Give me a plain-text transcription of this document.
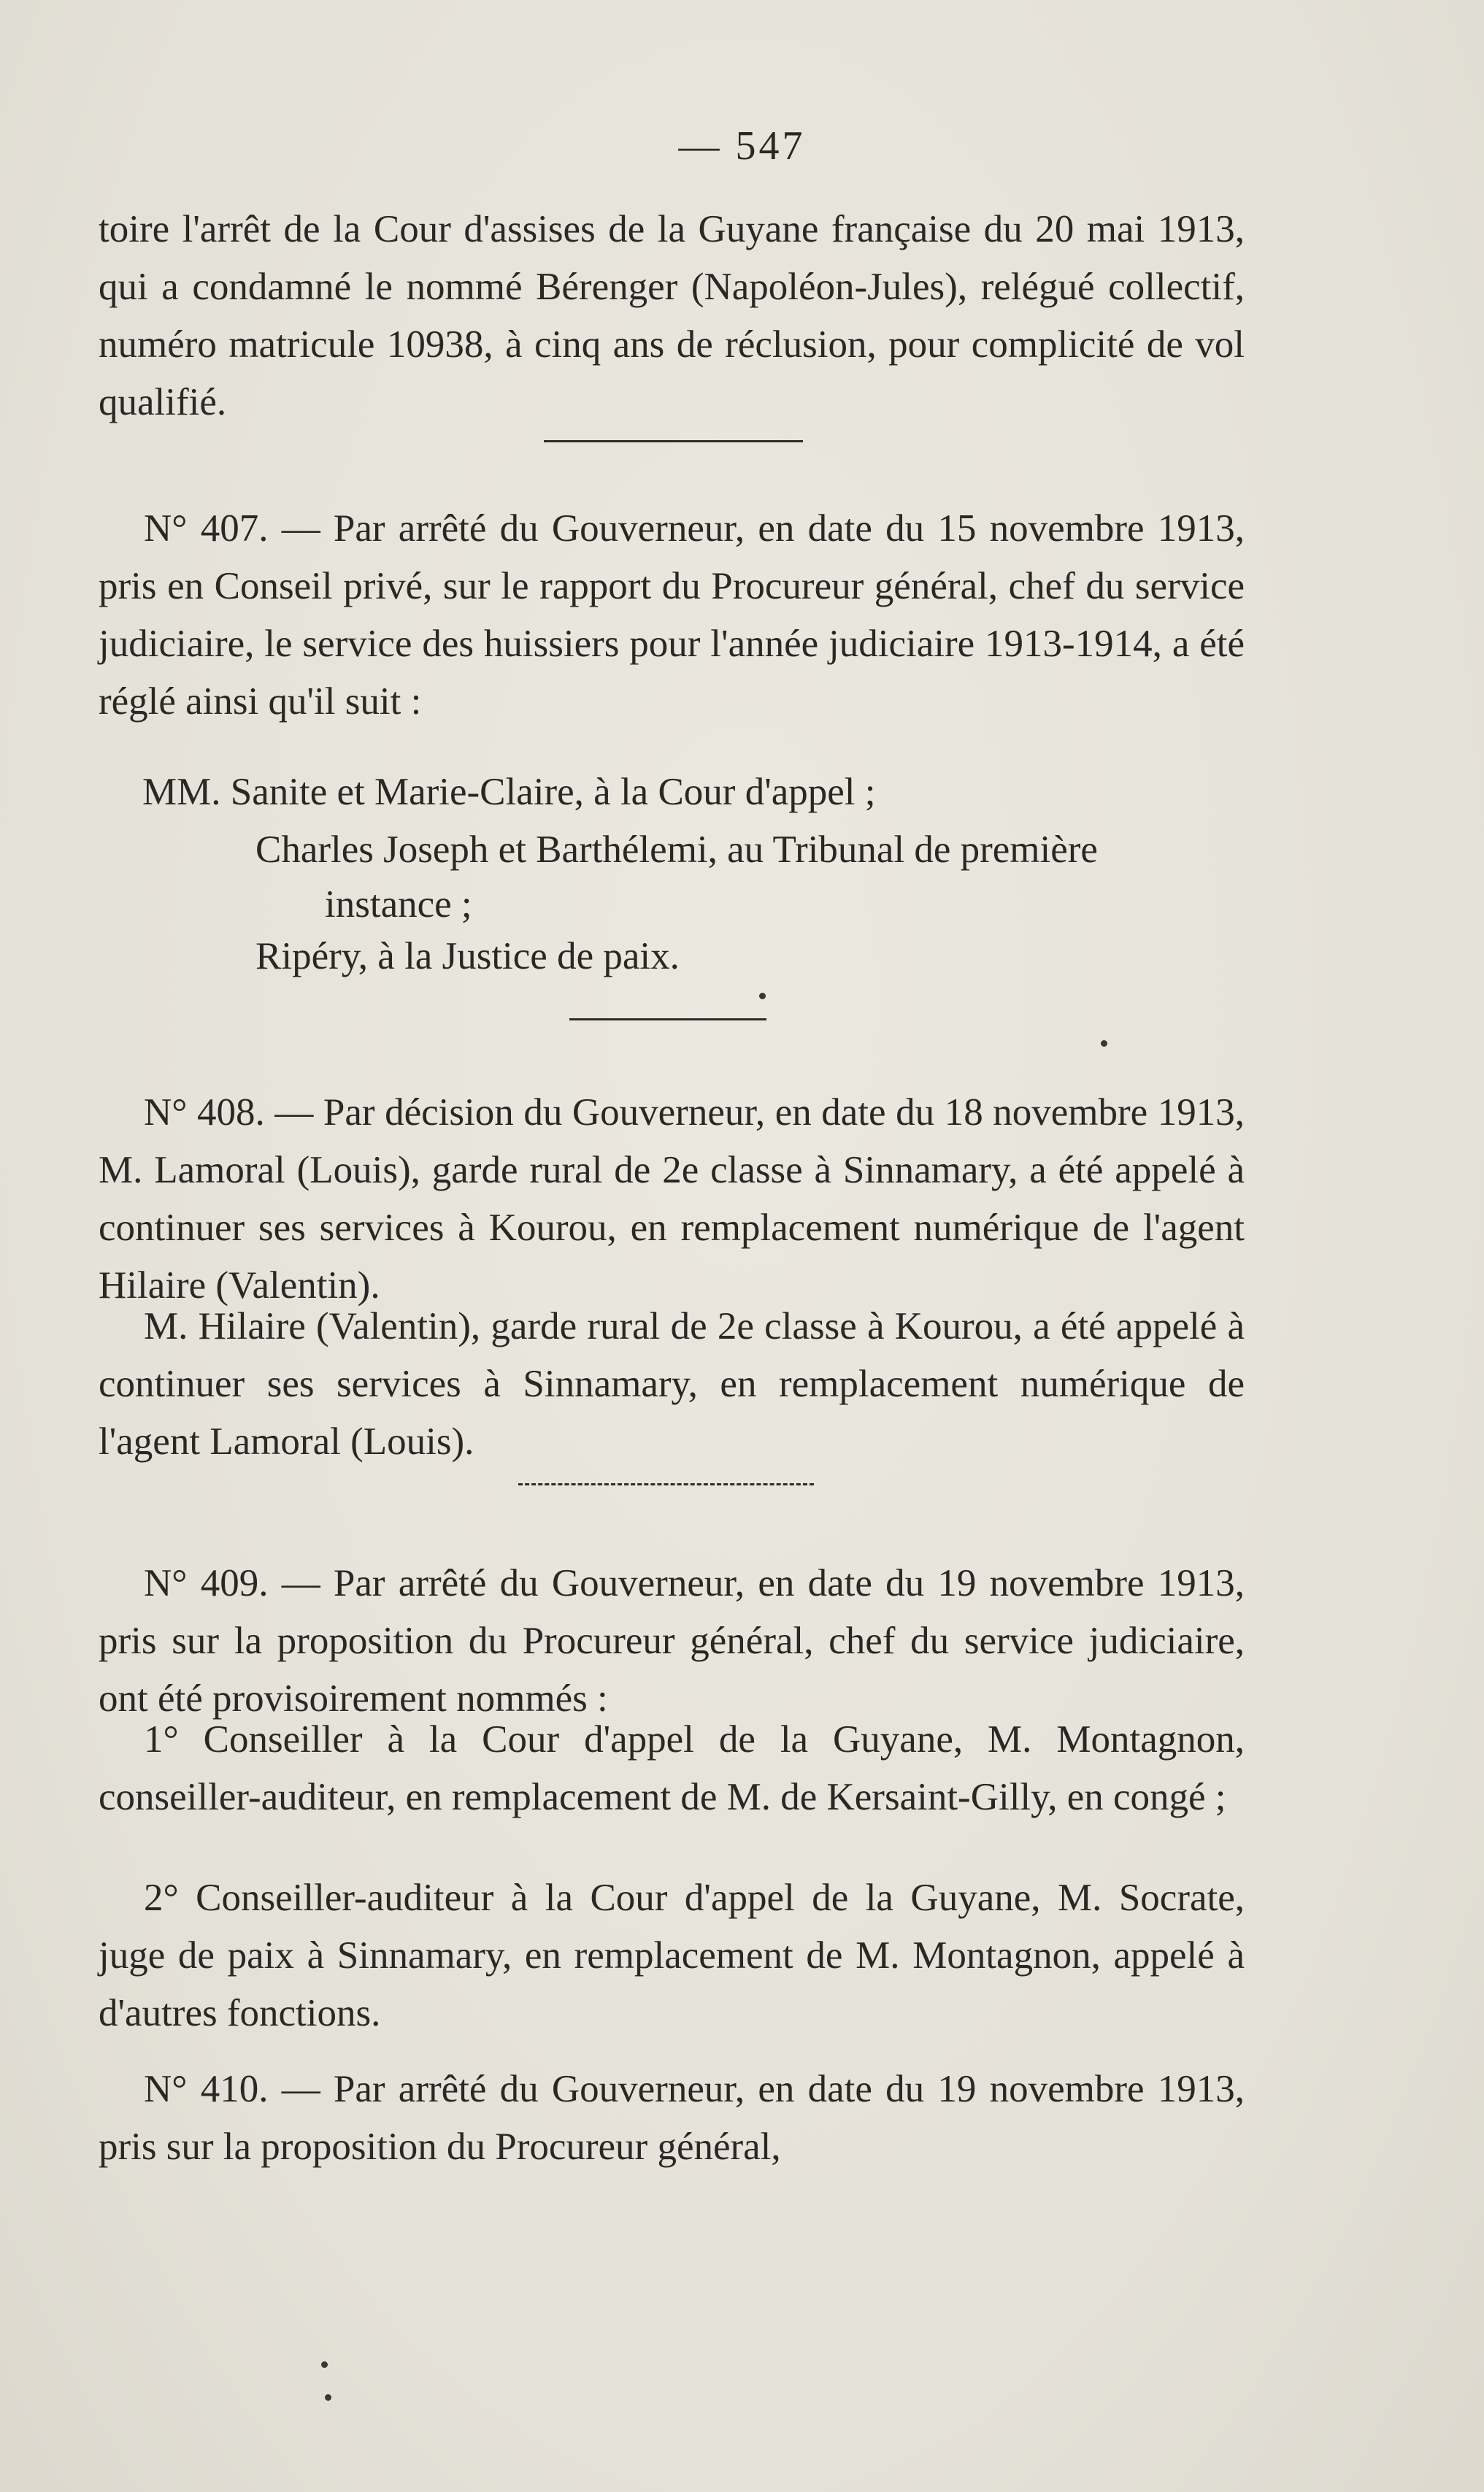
— 547

toire l'arrêt de la Cour d'assises de la Guyane française du 20 mai 1913, qui a condamné le nommé Bérenger (Napoléon-Jules), relégué collectif, numéro matricule 10938, à cinq ans de réclusion, pour complicité de vol qualifié.

N° 407. — Par arrêté du Gouverneur, en date du 15 novembre 1913, pris en Conseil privé, sur le rapport du Procureur général, chef du service judiciaire, le service des huissiers pour l'année judiciaire 1913-1914, a été réglé ainsi qu'il suit :

MM. Sanite et Marie-Claire, à la Cour d'appel ;

Charles Joseph et Barthélemi, au Tribunal de première

instance ;

Ripéry, à la Justice de paix.

N° 408. — Par décision du Gouverneur, en date du 18 novembre 1913, M. Lamoral (Louis), garde rural de 2e classe à Sinnamary, a été appelé à continuer ses services à Kourou, en remplacement numérique de l'agent Hilaire (Valentin).

M. Hilaire (Valentin), garde rural de 2e classe à Kourou, a été appelé à continuer ses services à Sinnamary, en remplacement numérique de l'agent Lamoral (Louis).

N° 409. — Par arrêté du Gouverneur, en date du 19 novembre 1913, pris sur la proposition du Procureur général, chef du service judiciaire, ont été provisoirement nommés :

1° Conseiller à la Cour d'appel de la Guyane, M. Montagnon, conseiller-auditeur, en remplacement de M. de Kersaint-Gilly, en congé ;

2° Conseiller-auditeur à la Cour d'appel de la Guyane, M. Socrate, juge de paix à Sinnamary, en remplacement de M. Montagnon, appelé à d'autres fonctions.

N° 410. — Par arrêté du Gouverneur, en date du 19 novembre 1913, pris sur la proposition du Procureur général,
